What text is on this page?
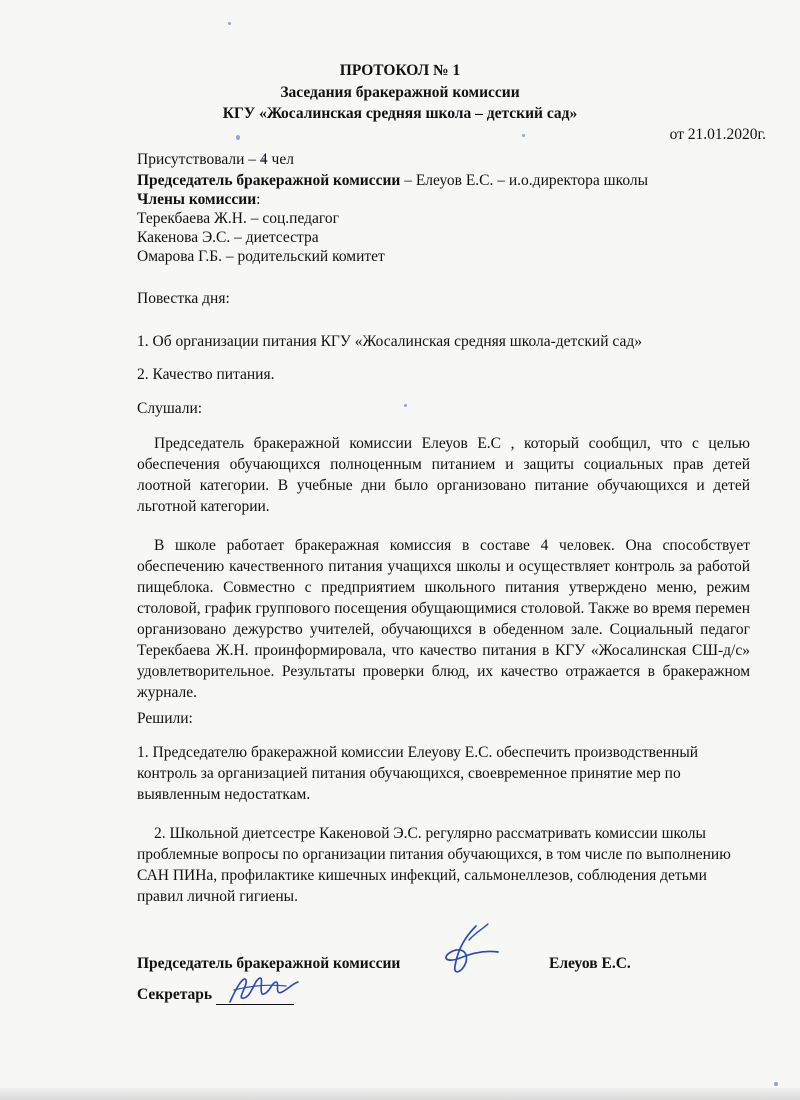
ПРОТОКОЛ № 1
Заседания бракеражной комиссии
КГУ «Жосалинская средняя школа – детский сад»
от 21.01.2020г.
Присутствовали – 4 чел
Председатель бракеражной комиссии – Елеуов Е.С. – и.о.директора школы
Члены комиссии:
Терекбаева Ж.Н. – соц.педагог
Какенова Э.С. – диетсестра
Омарова Г.Б. – родительский комитет
Повестка дня:
1. Об организации питания КГУ «Жосалинская средняя школа-детский сад»
2. Качество питания.
Слушали:
Председатель бракеражной комиссии Елеуов Е.С , который сообщил, что с целью обеспечения обучающихся полноценным питанием и защиты социальных прав детей лоотной категории. В учебные дни было организовано питание обучающихся и детей льготной категории.
В школе работает бракеражная комиссия в составе 4 человек. Она способствует обеспечению качественного питания учащихся школы и осуществляет контроль за работой пищеблока. Совместно с предприятием школьного питания утверждено меню, режим столовой, график группового посещения обущающимися столовой. Также во время перемен организовано дежурство учителей, обучающихся в обеденном зале. Социальный педагог Терекбаева Ж.Н. проинформировала, что качество питания в КГУ «Жосалинская СШ-д/с» удовлетворительное. Результаты проверки блюд, их качество отражается в бракеражном журнале.
Решили:
1. Председателю бракеражной комиссии Елеуову Е.С. обеспечить производственный контроль за организацией питания обучающихся, своевременное принятие мер по выявленным недостаткам.
2. Школьной диетсестре Какеновой Э.С. регулярно рассматривать комиссии школы проблемные вопросы по организации питания обучающихся, в том числе по выполнению САН ПИНа, профилактике кишечных инфекций, сальмонеллезов, соблюдения детьми правил личной гигиены.
Председатель бракеражной комиссии	Елеуов Е.С.
Секретарь
